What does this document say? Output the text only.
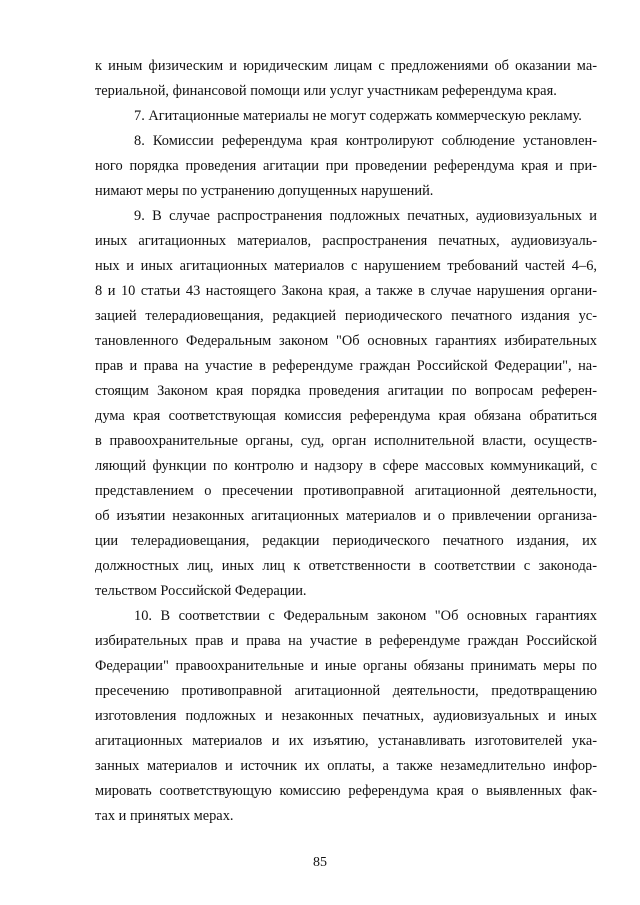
к иным физическим и юридическим лицам с предложениями об оказании ма-
териальной, финансовой помощи или услуг участникам референдума края.
7. Агитационные материалы не могут содержать коммерческую рекламу.
8. Комиссии референдума края контролируют соблюдение установлен-
ного порядка проведения агитации при проведении референдума края и при-
нимают меры по устранению допущенных нарушений.
9. В случае распространения подложных печатных, аудиовизуальных и
иных агитационных материалов, распространения печатных, аудиовизуаль-
ных и иных агитационных материалов с нарушением требований частей 4–6,
8 и 10 статьи 43 настоящего Закона края, а также в случае нарушения органи-
зацией телерадиовещания, редакцией периодического печатного издания ус-
тановленного Федеральным законом "Об основных гарантиях избирательных
прав и права на участие в референдуме граждан Российской Федерации", на-
стоящим Законом края порядка проведения агитации по вопросам референ-
дума края соответствующая комиссия референдума края обязана обратиться
в правоохранительные органы, суд, орган исполнительной власти, осуществ-
ляющий функции по контролю и надзору в сфере массовых коммуникаций, с
представлением о пресечении противоправной агитационной деятельности,
об изъятии незаконных агитационных материалов и о привлечении организа-
ции телерадиовещания, редакции периодического печатного издания, их
должностных лиц, иных лиц к ответственности в соответствии с законода-
тельством Российской Федерации.
10. В соответствии с Федеральным законом "Об основных гарантиях
избирательных прав и права на участие в референдуме граждан Российской
Федерации" правоохранительные и иные органы обязаны принимать меры по
пресечению противоправной агитационной деятельности, предотвращению
изготовления подложных и незаконных печатных, аудиовизуальных и иных
агитационных материалов и их изъятию, устанавливать изготовителей ука-
занных материалов и источник их оплаты, а также незамедлительно инфор-
мировать соответствующую комиссию референдума края о выявленных фак-
тах и принятых мерах.
85
